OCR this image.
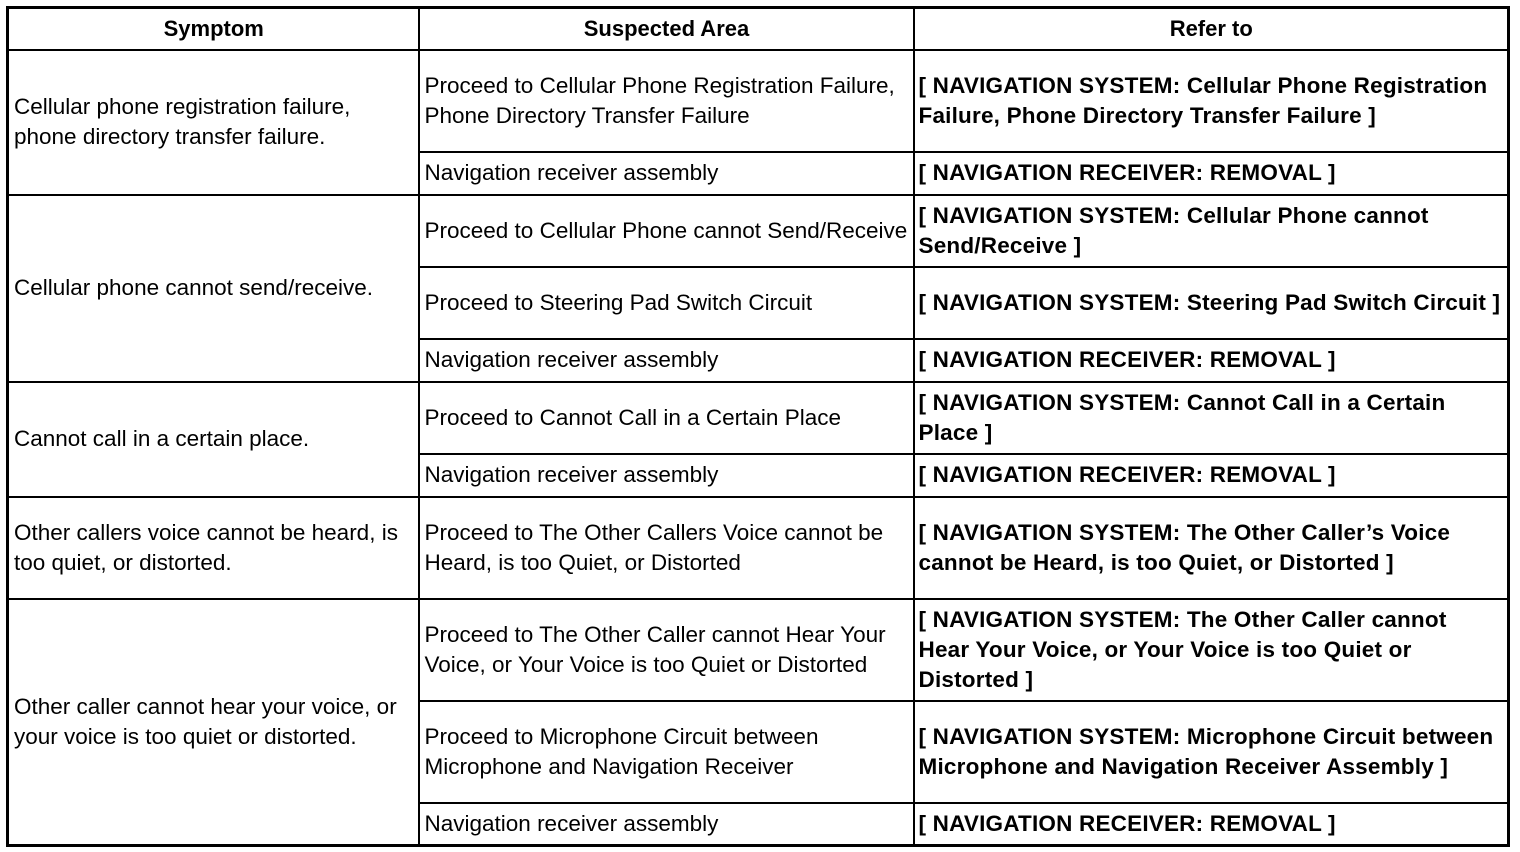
Symptom	Suspected Area	Refer to
Cellular phone registration failure, phone directory transfer failure.	Proceed to Cellular Phone Registration Failure, Phone Directory Transfer Failure	[ NAVIGATION SYSTEM: Cellular Phone Registration Failure, Phone Directory Transfer Failure ]
	Navigation receiver assembly	[ NAVIGATION RECEIVER: REMOVAL ]
Cellular phone cannot send/receive.	Proceed to Cellular Phone cannot Send/Receive	[ NAVIGATION SYSTEM: Cellular Phone cannot Send/Receive ]
	Proceed to Steering Pad Switch Circuit	[ NAVIGATION SYSTEM: Steering Pad Switch Circuit ]
	Navigation receiver assembly	[ NAVIGATION RECEIVER: REMOVAL ]
Cannot call in a certain place.	Proceed to Cannot Call in a Certain Place	[ NAVIGATION SYSTEM: Cannot Call in a Certain Place ]
	Navigation receiver assembly	[ NAVIGATION RECEIVER: REMOVAL ]
Other callers voice cannot be heard, is too quiet, or distorted.	Proceed to The Other Callers Voice cannot be Heard, is too Quiet, or Distorted	[ NAVIGATION SYSTEM: The Other Caller’s Voice cannot be Heard, is too Quiet, or Distorted ]
Other caller cannot hear your voice, or your voice is too quiet or distorted.	Proceed to The Other Caller cannot Hear Your Voice, or Your Voice is too Quiet or Distorted	[ NAVIGATION SYSTEM: The Other Caller cannot Hear Your Voice, or Your Voice is too Quiet or Distorted ]
	Proceed to Microphone Circuit between Microphone and Navigation Receiver	[ NAVIGATION SYSTEM: Microphone Circuit between Microphone and Navigation Receiver Assembly ]
	Navigation receiver assembly	[ NAVIGATION RECEIVER: REMOVAL ]
